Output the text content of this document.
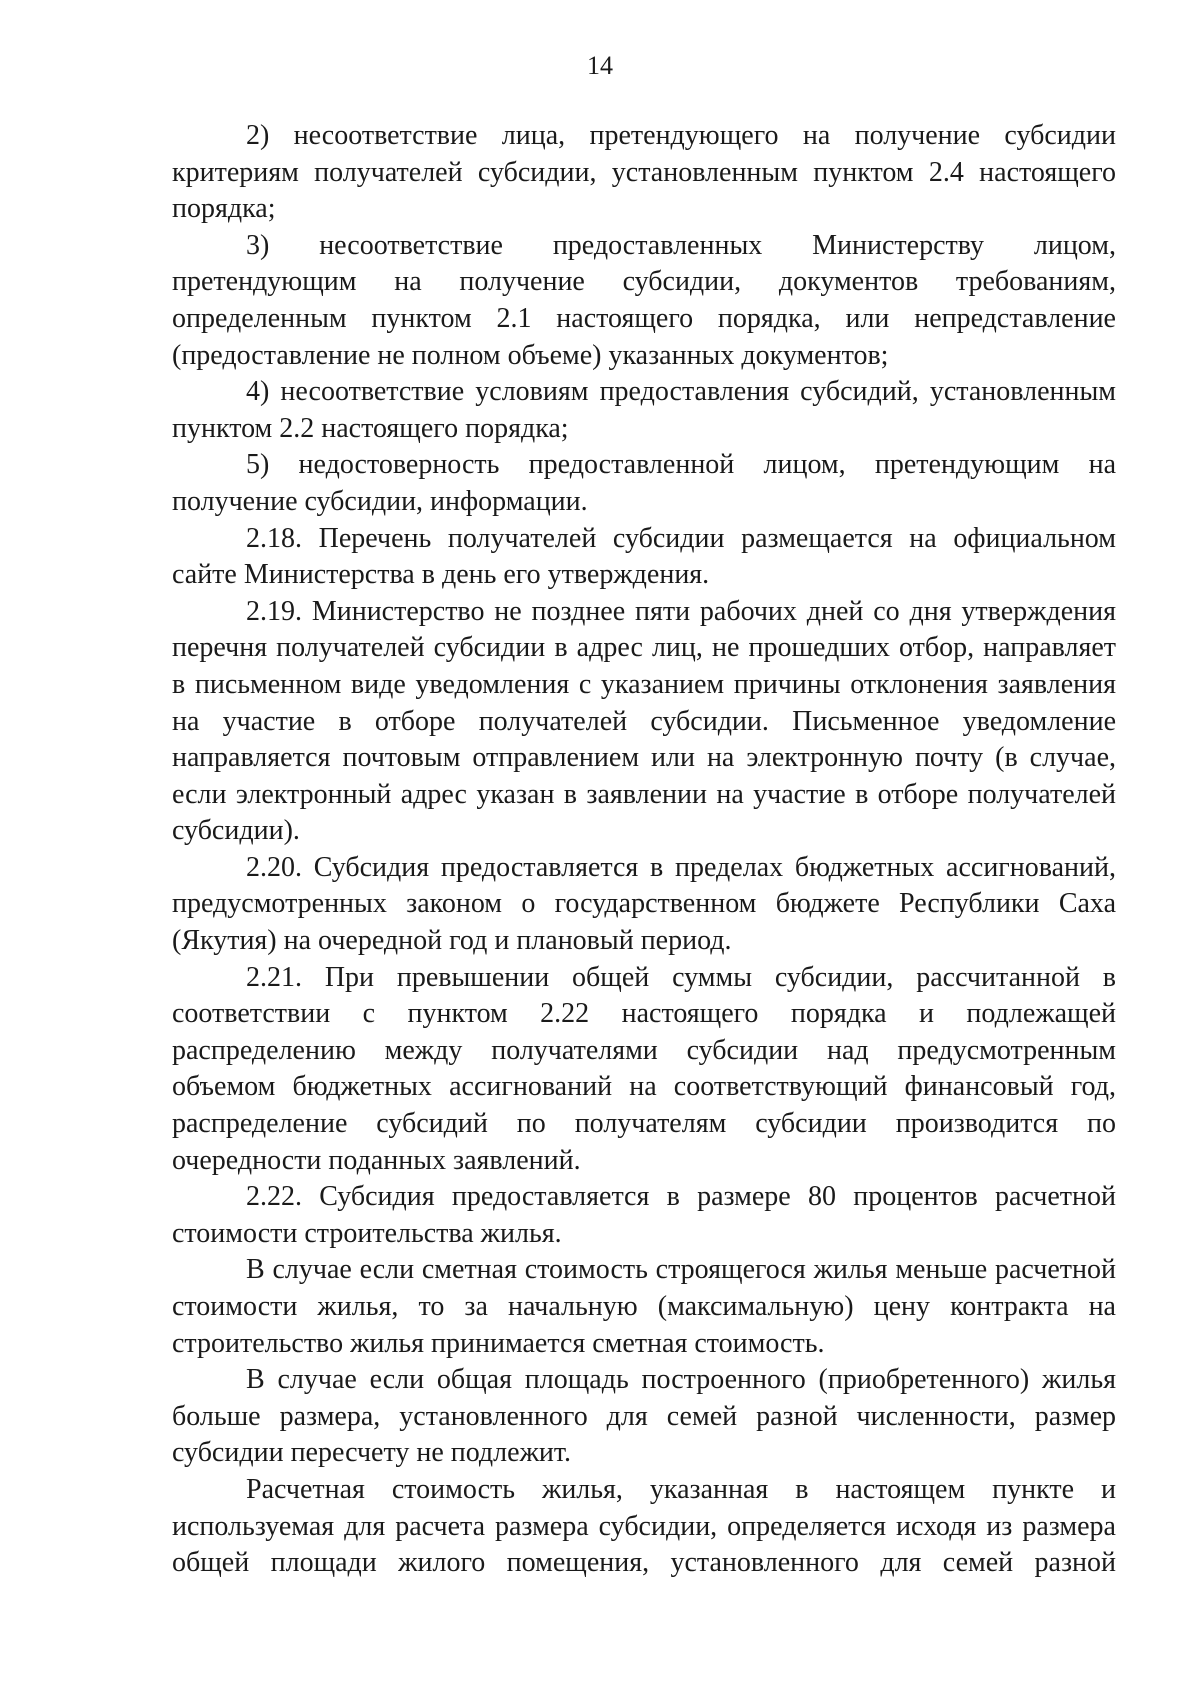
14

2) несоответствие лица, претендующего на получение субсидии критериям получателей субсидии, установленным пунктом 2.4 настоящего порядка;

3) несоответствие предоставленных Министерству лицом, претендующим на получение субсидии, документов требованиям, определенным пунктом 2.1 настоящего порядка, или непредставление (предоставление не полном объеме) указанных документов;

4) несоответствие условиям предоставления субсидий, установленным пунктом 2.2 настоящего порядка;

5) недостоверность предоставленной лицом, претендующим на получение субсидии, информации.

2.18. Перечень получателей субсидии размещается на официальном сайте Министерства в день его утверждения.

2.19. Министерство не позднее пяти рабочих дней со дня утверждения перечня получателей субсидии в адрес лиц, не прошедших отбор, направляет в письменном виде уведомления с указанием причины отклонения заявления на участие в отборе получателей субсидии. Письменное уведомление направляется почтовым отправлением или на электронную почту (в случае, если электронный адрес указан в заявлении на участие в отборе получателей субсидии).

2.20. Субсидия предоставляется в пределах бюджетных ассигнований, предусмотренных законом о государственном бюджете Республики Саха (Якутия) на очередной год и плановый период.

2.21. При превышении общей суммы субсидии, рассчитанной в соответствии с пунктом 2.22 настоящего порядка и подлежащей распределению между получателями субсидии над предусмотренным объемом бюджетных ассигнований на соответствующий финансовый год, распределение субсидий по получателям субсидии производится по очередности поданных заявлений.

2.22. Субсидия предоставляется в размере 80 процентов расчетной стоимости строительства жилья.

В случае если сметная стоимость строящегося жилья меньше расчетной стоимости жилья, то за начальную (максимальную) цену контракта на строительство жилья принимается сметная стоимость.

В случае если общая площадь построенного (приобретенного) жилья больше размера, установленного для семей разной численности, размер субсидии пересчету не подлежит.

Расчетная стоимость жилья, указанная в настоящем пункте и используемая для расчета размера субсидии, определяется исходя из размера общей площади жилого помещения, установленного для семей разной
